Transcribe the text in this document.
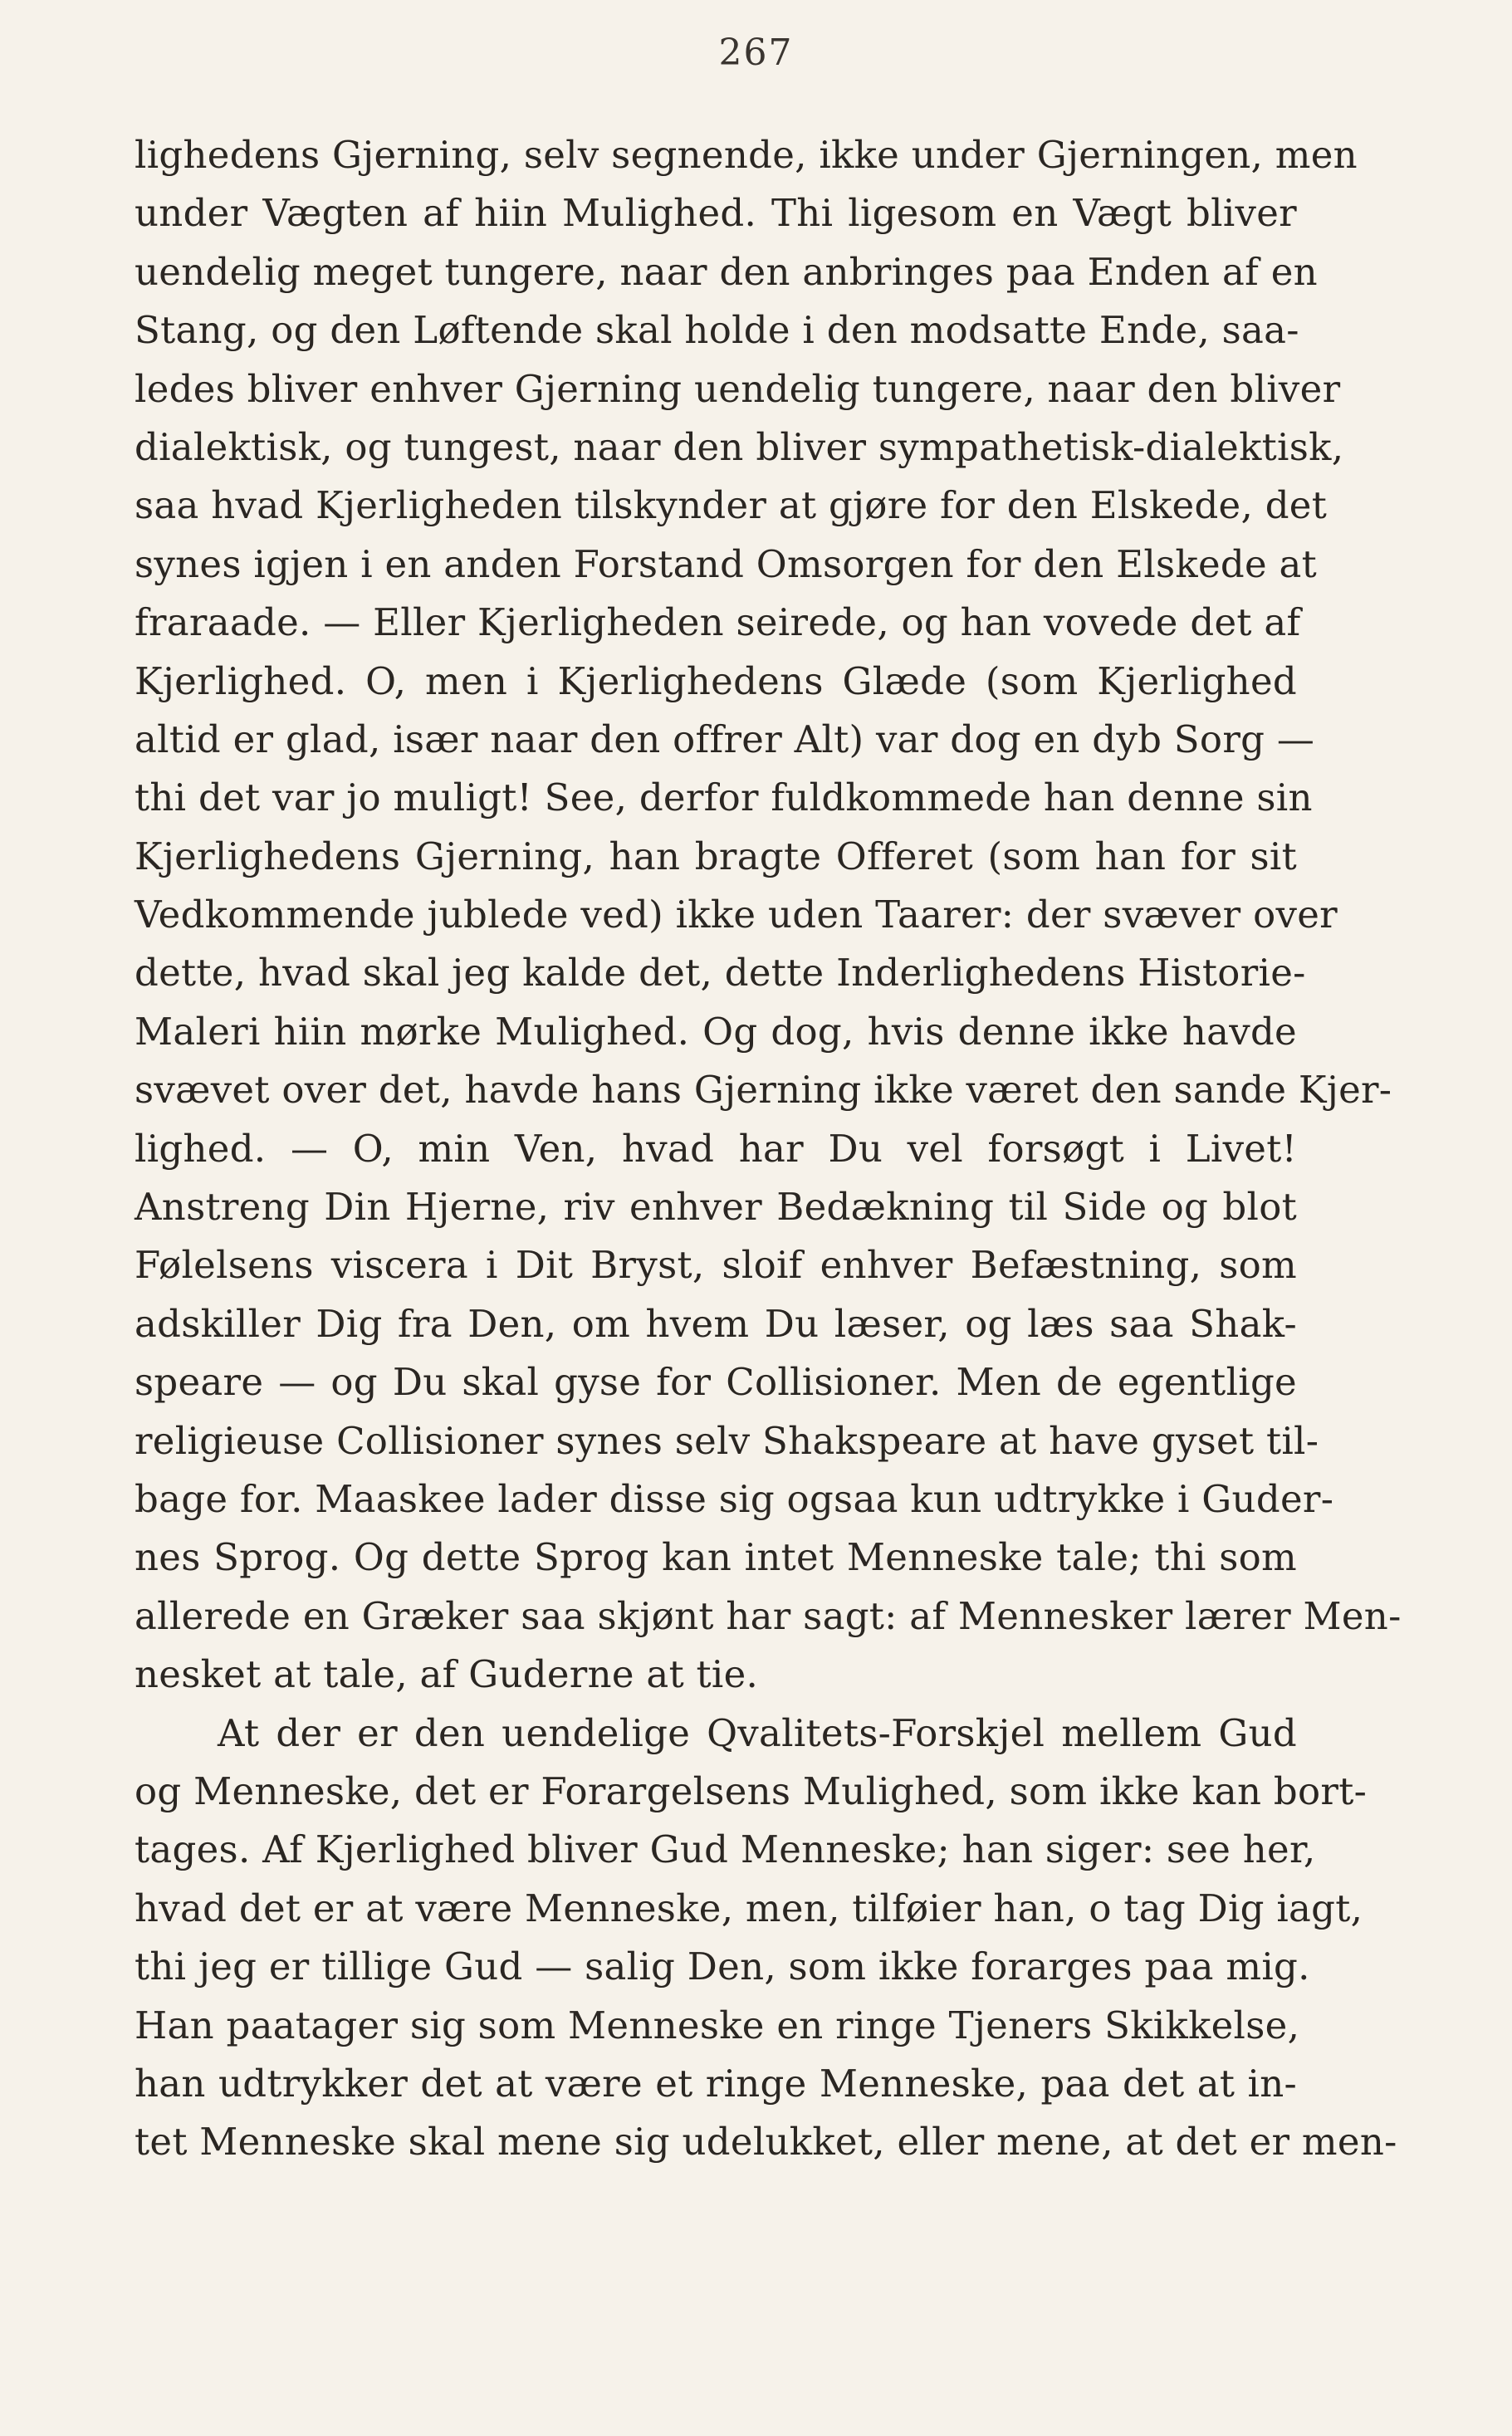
267
lighedens Gjerning, selv segnende, ikke under Gjerningen, men
under Vægten af hiin Mulighed. Thi ligesom en Vægt bliver
uendelig meget tungere, naar den anbringes paa Enden af en
Stang, og den Løftende skal holde i den modsatte Ende, saa-
ledes bliver enhver Gjerning uendelig tungere, naar den bliver
dialektisk, og tungest, naar den bliver sympathetisk-dialektisk,
saa hvad Kjerligheden tilskynder at gjøre for den Elskede, det
synes igjen i en anden Forstand Omsorgen for den Elskede at
fraraade. — Eller Kjerligheden seirede, og han vovede det af
Kjerlighed. O, men i Kjerlighedens Glæde (som Kjerlighed
altid er glad, især naar den offrer Alt) var dog en dyb Sorg —
thi det var jo muligt! See, derfor fuldkommede han denne sin
Kjerlighedens Gjerning, han bragte Offeret (som han for sit
Vedkommende jublede ved) ikke uden Taarer: der svæver over
dette, hvad skal jeg kalde det, dette Inderlighedens Historie-
Maleri hiin mørke Mulighed. Og dog, hvis denne ikke havde
svævet over det, havde hans Gjerning ikke været den sande Kjer-
lighed. — O, min Ven, hvad har Du vel forsøgt i Livet!
Anstreng Din Hjerne, riv enhver Bedækning til Side og blot
Følelsens viscera i Dit Bryst, sloif enhver Befæstning, som
adskiller Dig fra Den, om hvem Du læser, og læs saa Shak-
speare — og Du skal gyse for Collisioner. Men de egentlige
religieuse Collisioner synes selv Shakspeare at have gyset til-
bage for. Maaskee lader disse sig ogsaa kun udtrykke i Guder-
nes Sprog. Og dette Sprog kan intet Menneske tale; thi som
allerede en Græker saa skjønt har sagt: af Mennesker lærer Men-
nesket at tale, af Guderne at tie.
At der er den uendelige Qvalitets-Forskjel mellem Gud
og Menneske, det er Forargelsens Mulighed, som ikke kan bort-
tages. Af Kjerlighed bliver Gud Menneske; han siger: see her,
hvad det er at være Menneske, men, tilføier han, o tag Dig iagt,
thi jeg er tillige Gud — salig Den, som ikke forarges paa mig.
Han paatager sig som Menneske en ringe Tjeners Skikkelse,
han udtrykker det at være et ringe Menneske, paa det at in-
tet Menneske skal mene sig udelukket, eller mene, at det er men-
